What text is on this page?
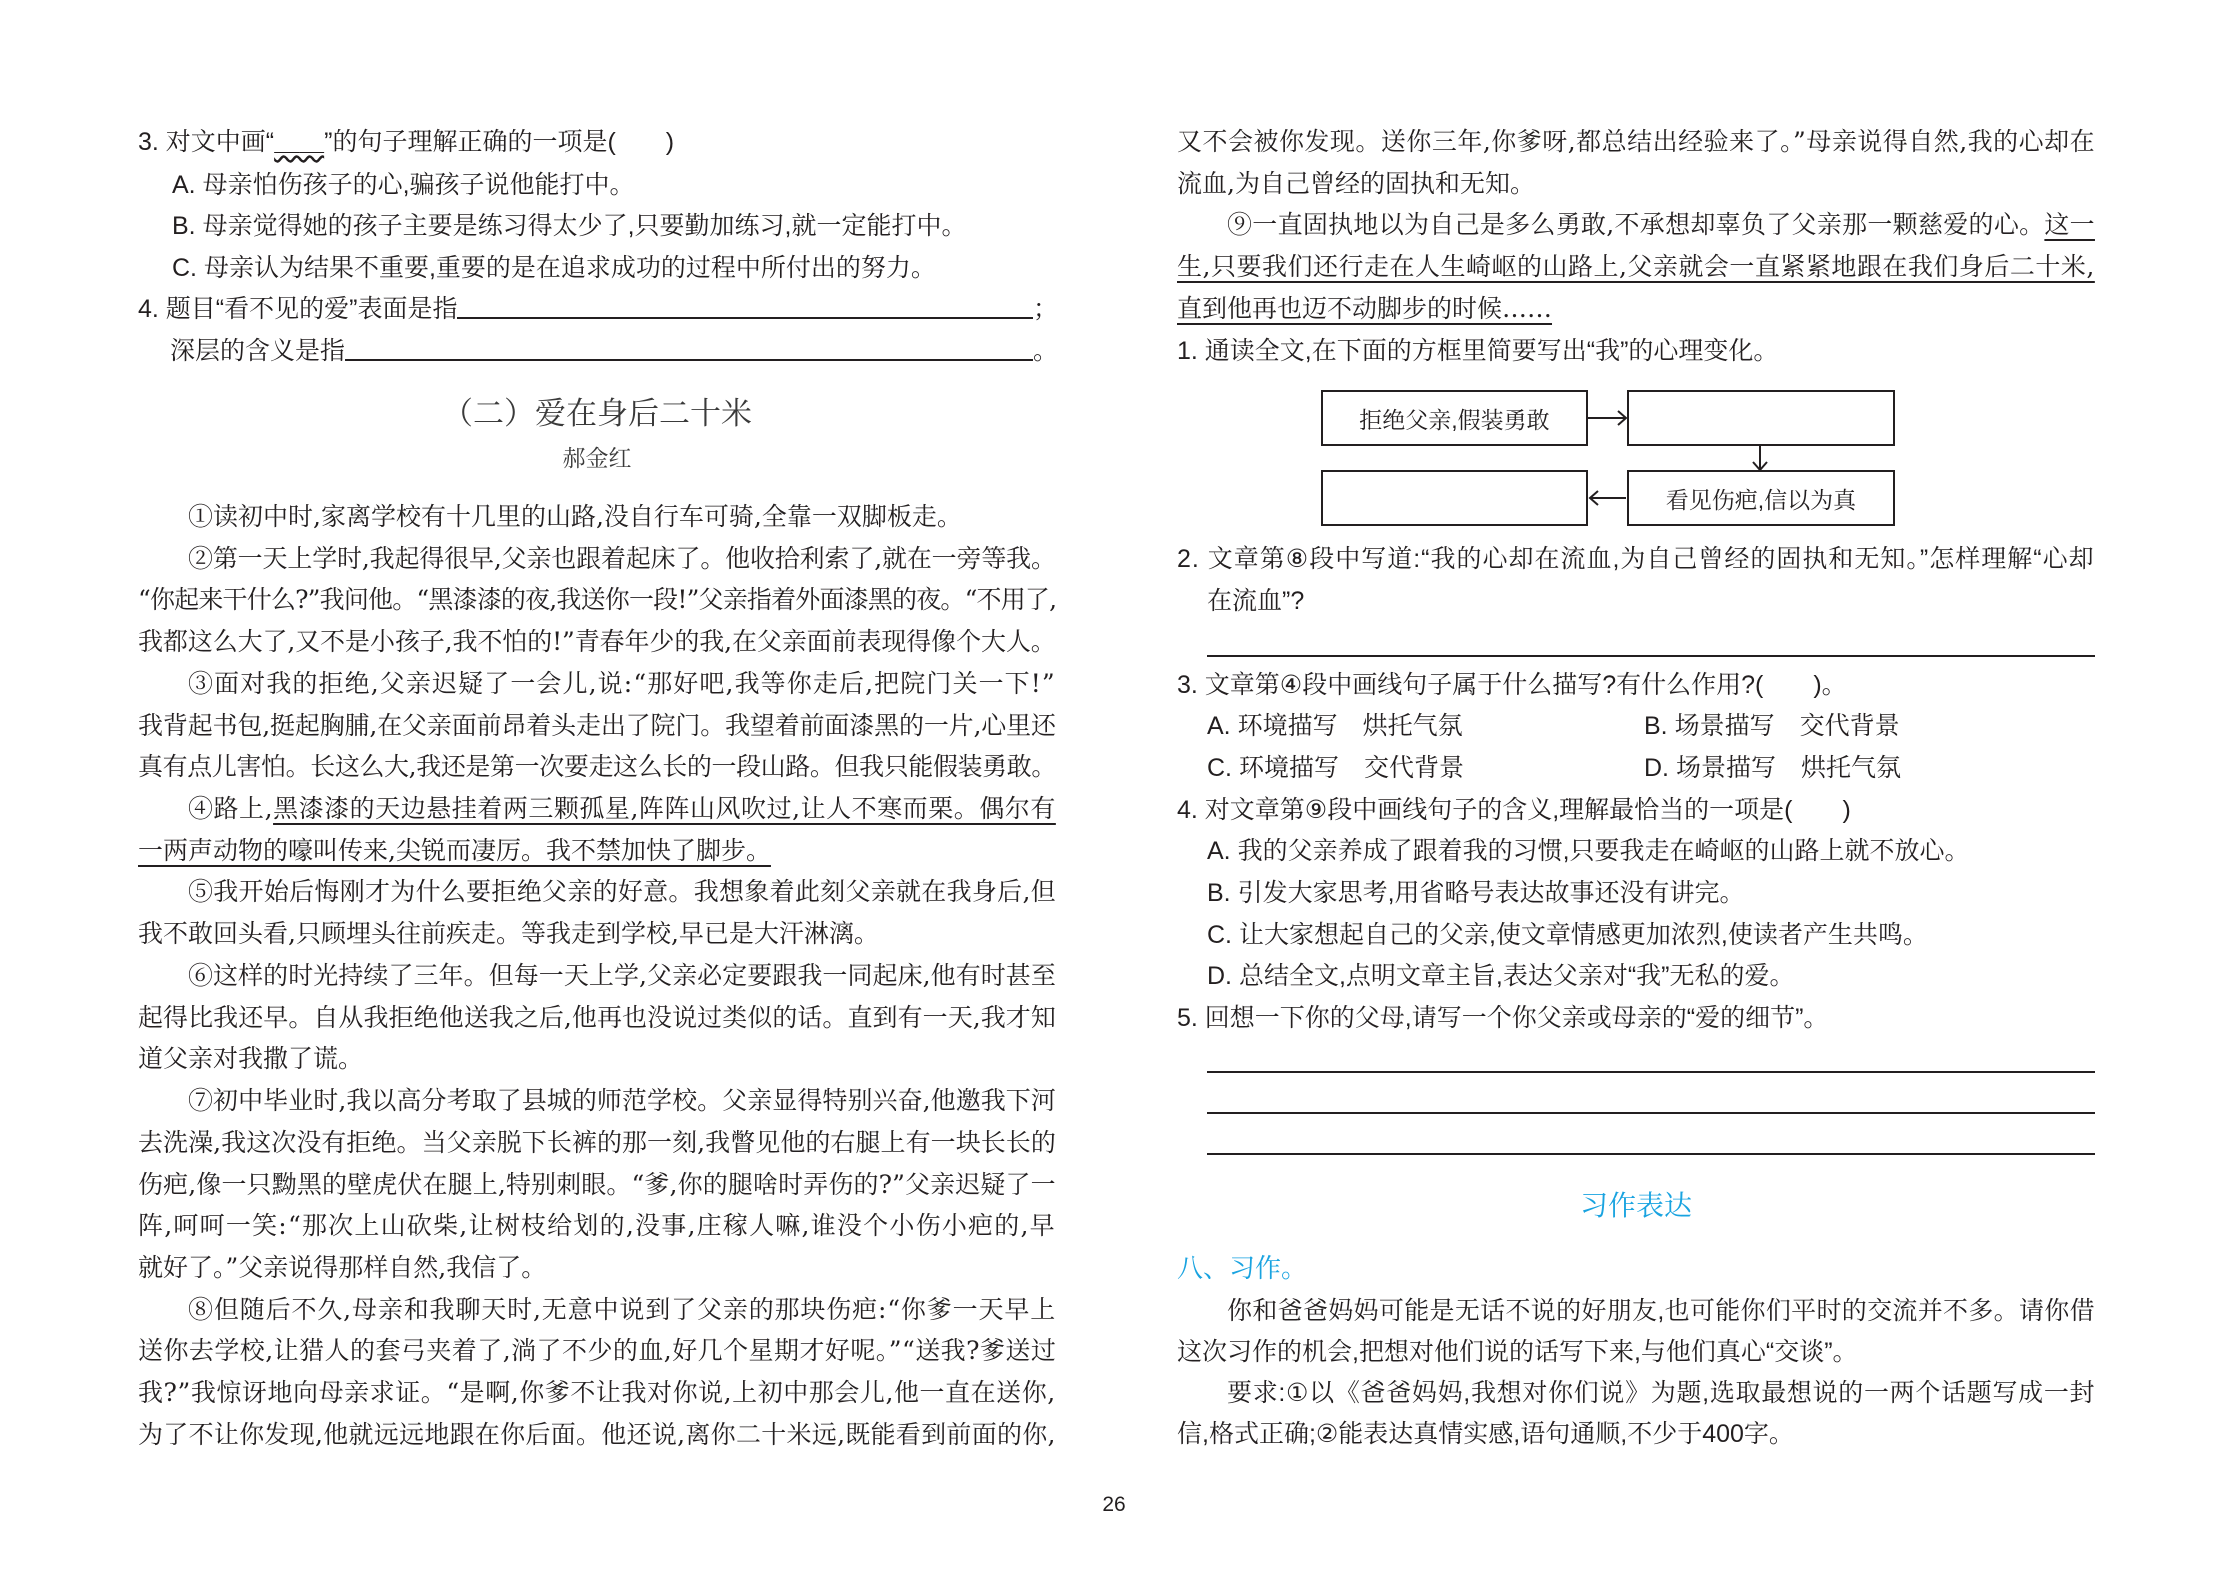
3. 对文中画“＿＿”的句子理解正确的一项是(　　)
A. 母亲怕伤孩子的心,骗孩子说他能打中。
B. 母亲觉得她的孩子主要是练习得太少了,只要勤加练习,就一定能打中。
C. 母亲认为结果不重要,重要的是在追求成功的过程中所付出的努力。
4. 题目“看不见的爱”表面是指	；
深层的含义是指	。
（二）爱在身后二十米
郝金红
①读初中时,家离学校有十几里的山路,没自行车可骑,全靠一双脚板走。
②第一天上学时,我起得很早,父亲也跟着起床了。他收拾利索了,就在一旁等我。
“你起来干什么?”我问他。“黑漆漆的夜,我送你一段!”父亲指着外面漆黑的夜。“不用了,
我都这么大了,又不是小孩子,我不怕的!”青春年少的我,在父亲面前表现得像个大人。
③面对我的拒绝,父亲迟疑了一会儿,说:“那好吧,我等你走后,把院门关一下!”
我背起书包,挺起胸脯,在父亲面前昂着头走出了院门。我望着前面漆黑的一片,心里还
真有点儿害怕。长这么大,我还是第一次要走这么长的一段山路。但我只能假装勇敢。
④路上,黑漆漆的天边悬挂着两三颗孤星,阵阵山风吹过,让人不寒而栗。偶尔有
一两声动物的嚎叫传来,尖锐而凄厉。我不禁加快了脚步。
⑤我开始后悔刚才为什么要拒绝父亲的好意。我想象着此刻父亲就在我身后,但
我不敢回头看,只顾埋头往前疾走。等我走到学校,早已是大汗淋漓。
⑥这样的时光持续了三年。但每一天上学,父亲必定要跟我一同起床,他有时甚至
起得比我还早。自从我拒绝他送我之后,他再也没说过类似的话。直到有一天,我才知
道父亲对我撒了谎。
⑦初中毕业时,我以高分考取了县城的师范学校。父亲显得特别兴奋,他邀我下河
去洗澡,我这次没有拒绝。当父亲脱下长裤的那一刻,我瞥见他的右腿上有一块长长的
伤疤,像一只黝黑的壁虎伏在腿上,特别刺眼。“爹,你的腿啥时弄伤的?”父亲迟疑了一
阵,呵呵一笑:“那次上山砍柴,让树枝给划的,没事,庄稼人嘛,谁没个小伤小疤的,早
就好了。”父亲说得那样自然,我信了。
⑧但随后不久,母亲和我聊天时,无意中说到了父亲的那块伤疤:“你爹一天早上
送你去学校,让猎人的套弓夹着了,淌了不少的血,好几个星期才好呢。”“送我?爹送过
我?”我惊讶地向母亲求证。“是啊,你爹不让我对你说,上初中那会儿,他一直在送你,
为了不让你发现,他就远远地跟在你后面。他还说,离你二十米远,既能看到前面的你,
又不会被你发现。送你三年,你爹呀,都总结出经验来了。”母亲说得自然,我的心却在
流血,为自己曾经的固执和无知。
⑨一直固执地以为自己是多么勇敢,不承想却辜负了父亲那一颗慈爱的心。这一
生,只要我们还行走在人生崎岖的山路上,父亲就会一直紧紧地跟在我们身后二十米,
直到他再也迈不动脚步的时候……
1. 通读全文,在下面的方框里简要写出“我”的心理变化。
拒绝父亲,假装勇敢
看见伤疤,信以为真
2. 文章第⑧段中写道:“我的心却在流血,为自己曾经的固执和无知。”怎样理解“心却
在流血”?
3. 文章第④段中画线句子属于什么描写?有什么作用?(　　)。
A. 环境描写　烘托气氛	B. 场景描写　交代背景
C. 环境描写　交代背景	D. 场景描写　烘托气氛
4. 对文章第⑨段中画线句子的含义,理解最恰当的一项是(　　)
A. 我的父亲养成了跟着我的习惯,只要我走在崎岖的山路上就不放心。
B. 引发大家思考,用省略号表达故事还没有讲完。
C. 让大家想起自己的父亲,使文章情感更加浓烈,使读者产生共鸣。
D. 总结全文,点明文章主旨,表达父亲对“我”无私的爱。
5. 回想一下你的父母,请写一个你父亲或母亲的“爱的细节”。
习作表达
八、习作。
你和爸爸妈妈可能是无话不说的好朋友,也可能你们平时的交流并不多。请你借
这次习作的机会,把想对他们说的话写下来,与他们真心“交谈”。
要求:①以《爸爸妈妈,我想对你们说》为题,选取最想说的一两个话题写成一封
信,格式正确;②能表达真情实感,语句通顺,不少于400字。
26
